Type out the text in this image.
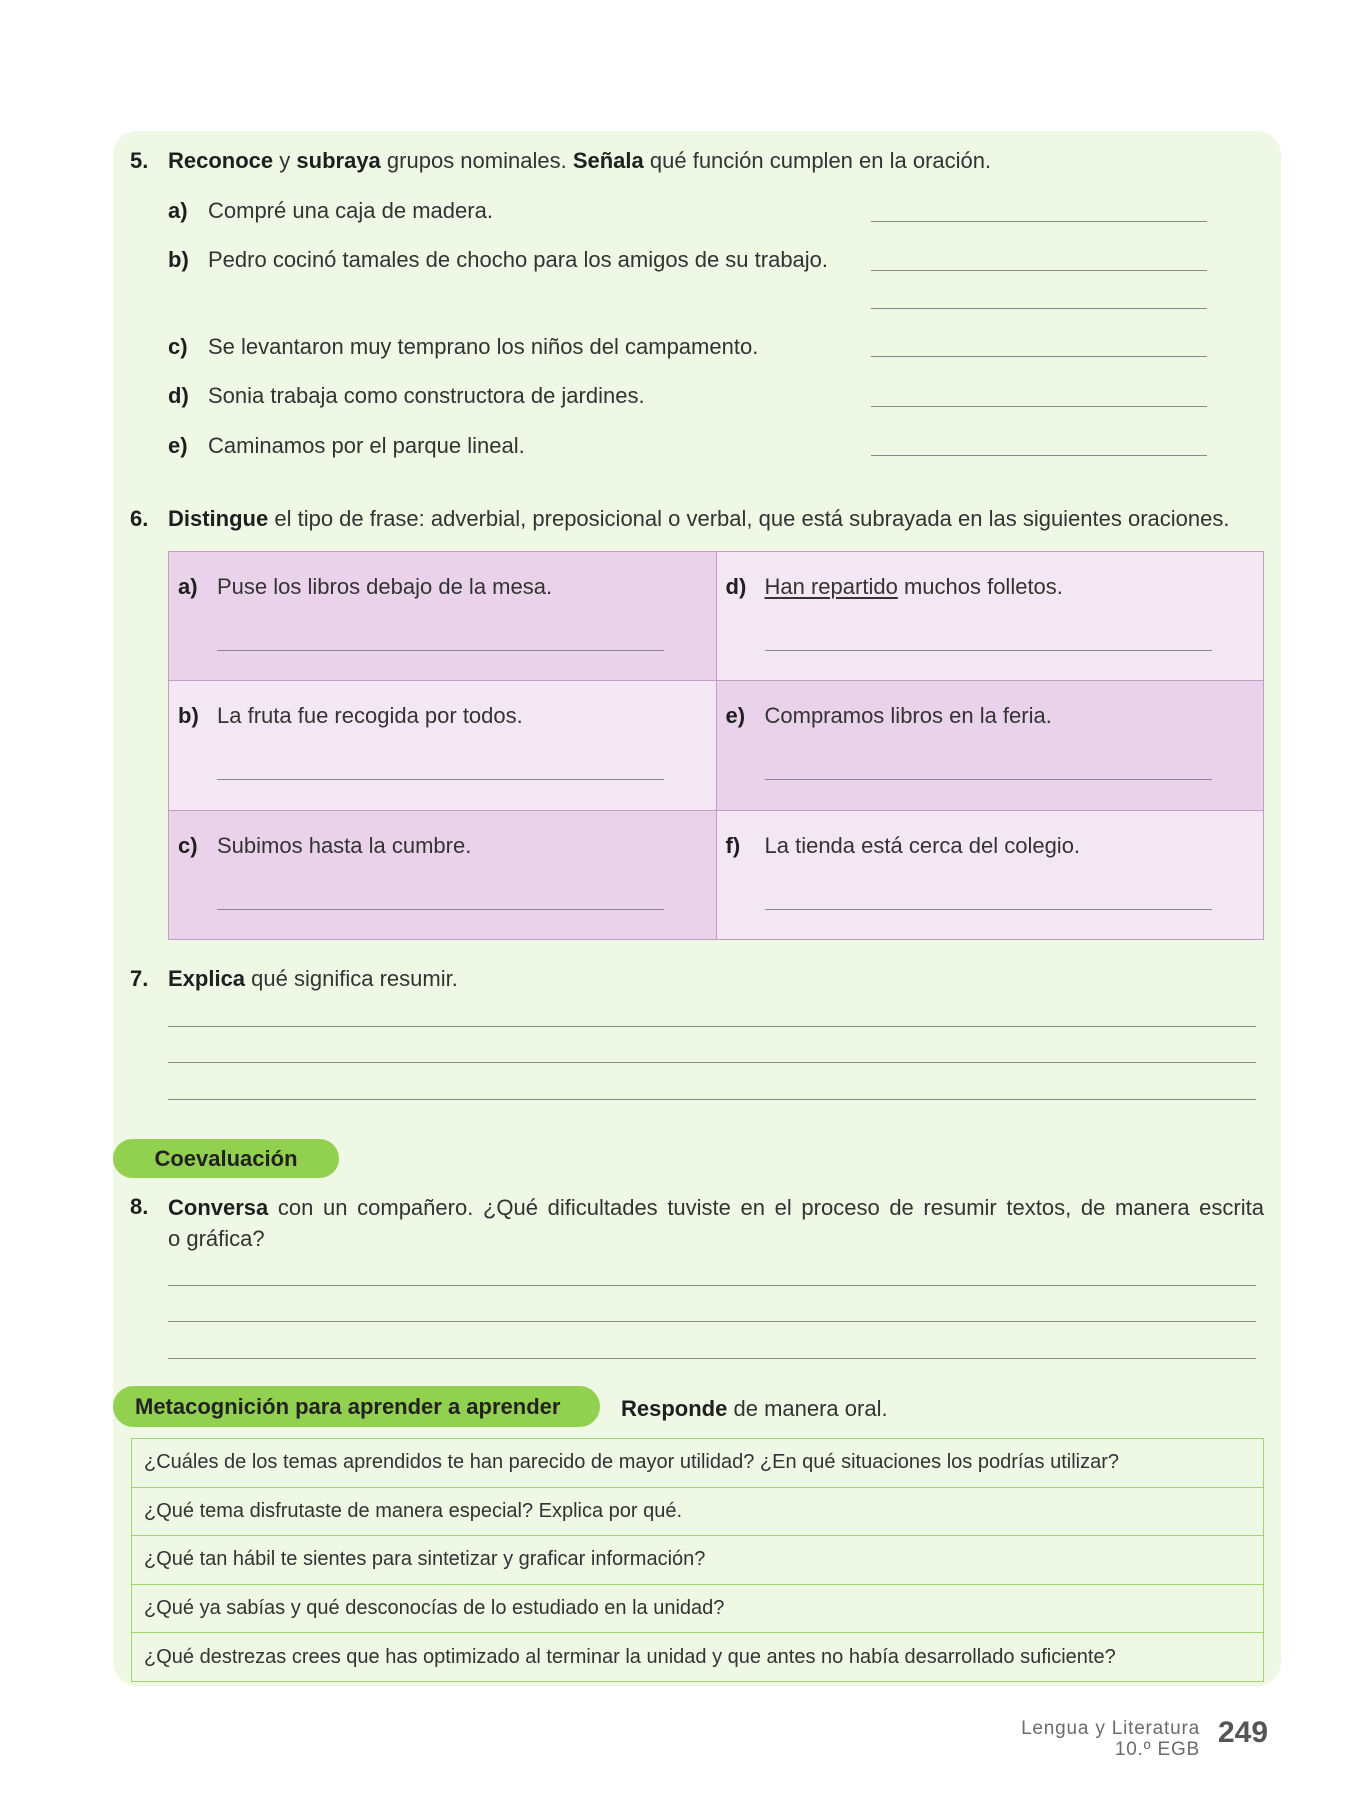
5. Reconoce y subraya grupos nominales. Señala qué función cumplen en la oración.
a) Compré una caja de madera.
b) Pedro cocinó tamales de chocho para los amigos de su trabajo.
c) Se levantaron muy temprano los niños del campamento.
d) Sonia trabaja como constructora de jardines.
e) Caminamos por el parque lineal.
6. Distingue el tipo de frase: adverbial, preposicional o verbal, que está subrayada en las siguientes oraciones.
a) Puse los libros debajo de la mesa.	d) Han repartido muchos folletos.
b) La fruta fue recogida por todos.	e) Compramos libros en la feria.
c) Subimos hasta la cumbre.	f) La tienda está cerca del colegio.
7. Explica qué significa resumir.
Coevaluación
8. Conversa con un compañero. ¿Qué dificultades tuviste en el proceso de resumir textos, de manera escrita
o gráfica?
Metacognición para aprender a aprender	Responde de manera oral.
¿Cuáles de los temas aprendidos te han parecido de mayor utilidad? ¿En qué situaciones los podrías utilizar?
¿Qué tema disfrutaste de manera especial? Explica por qué.
¿Qué tan hábil te sientes para sintetizar y graficar información?
¿Qué ya sabías y qué desconocías de lo estudiado en la unidad?
¿Qué destrezas crees que has optimizado al terminar la unidad y que antes no había desarrollado suficiente?
Lengua y Literatura
10.º EGB
249
